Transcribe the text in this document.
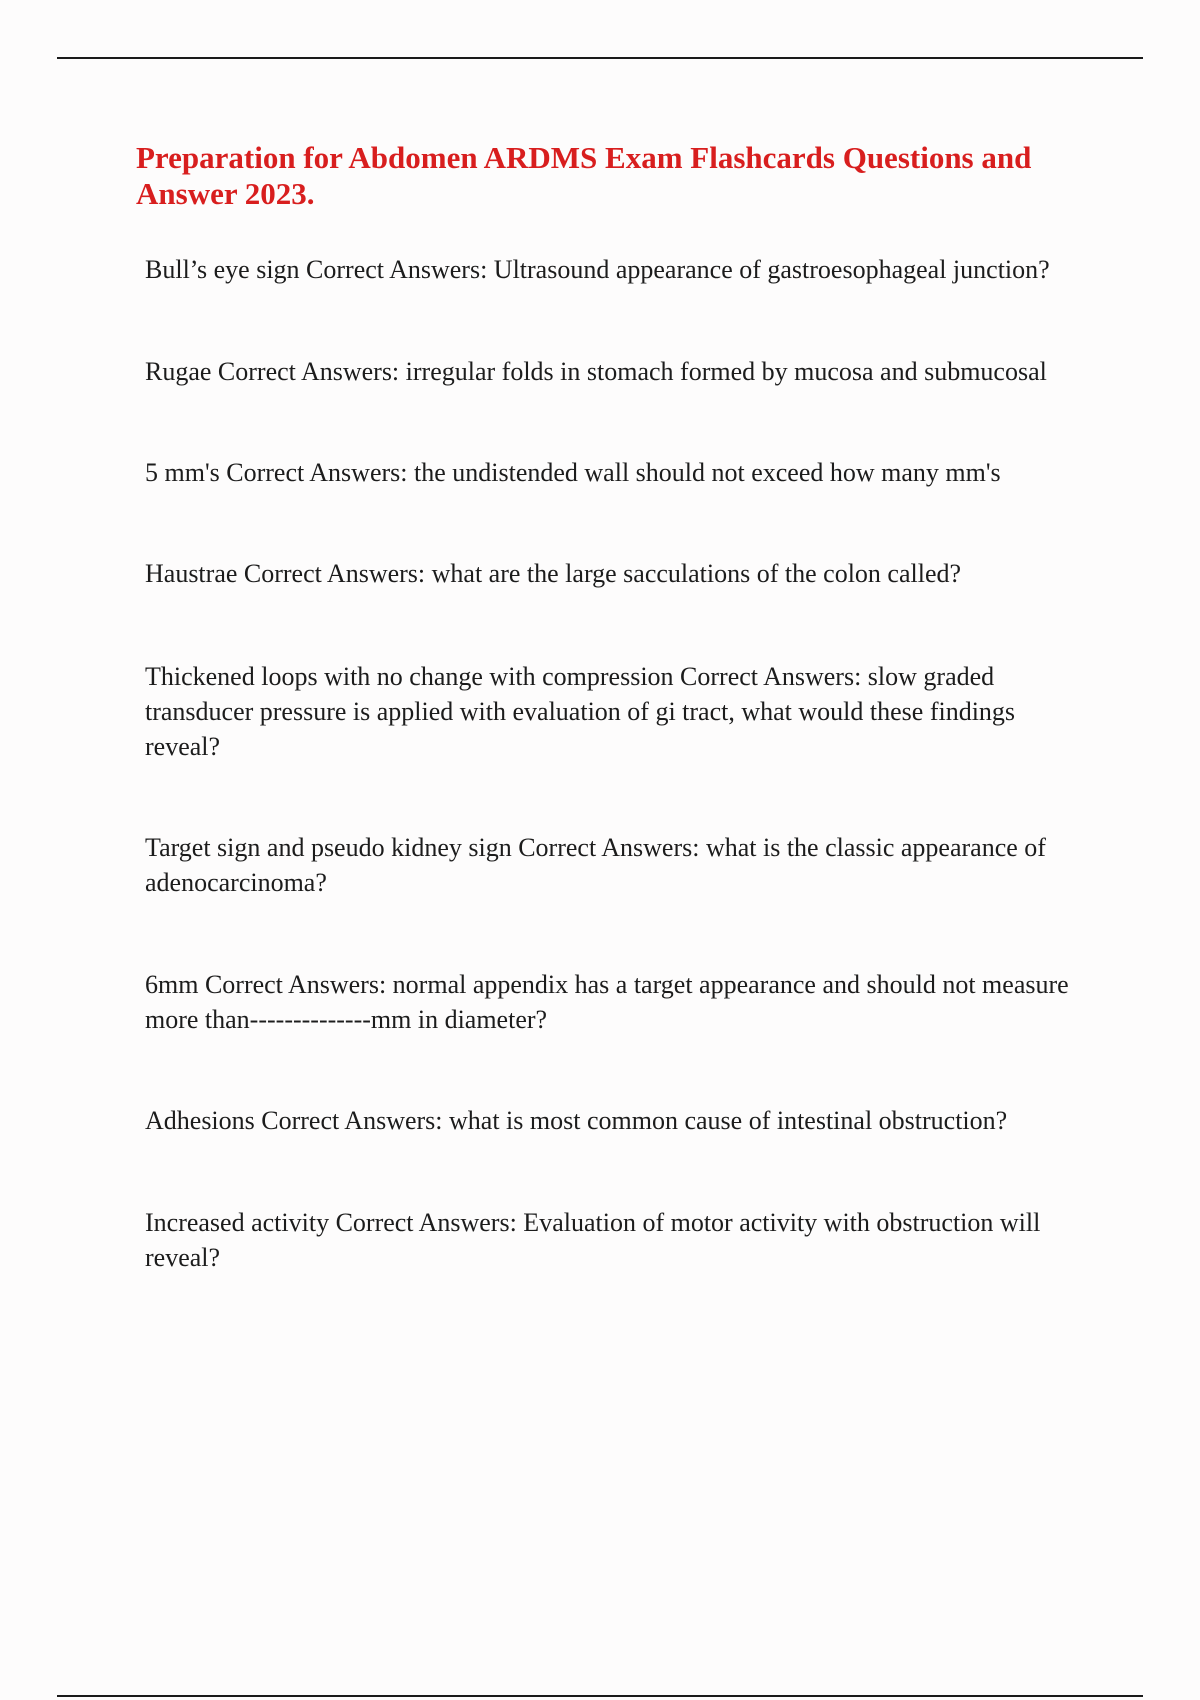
Preparation for Abdomen ARDMS Exam Flashcards Questions and Answer 2023.
Bull’s eye sign Correct Answers: Ultrasound appearance of gastroesophageal junction?
Rugae Correct Answers: irregular folds in stomach formed by mucosa and submucosal
5 mm's Correct Answers: the undistended wall should not exceed how many mm's
Haustrae Correct Answers: what are the large sacculations of the colon called?
Thickened loops with no change with compression Correct Answers: slow graded transducer pressure is applied with evaluation of gi tract, what would these findings reveal?
Target sign and pseudo kidney sign Correct Answers: what is the classic appearance of adenocarcinoma?
6mm Correct Answers: normal appendix has a target appearance and should not measure more than--------------mm in diameter?
Adhesions Correct Answers: what is most common cause of intestinal obstruction?
Increased activity Correct Answers: Evaluation of motor activity with obstruction will reveal?
